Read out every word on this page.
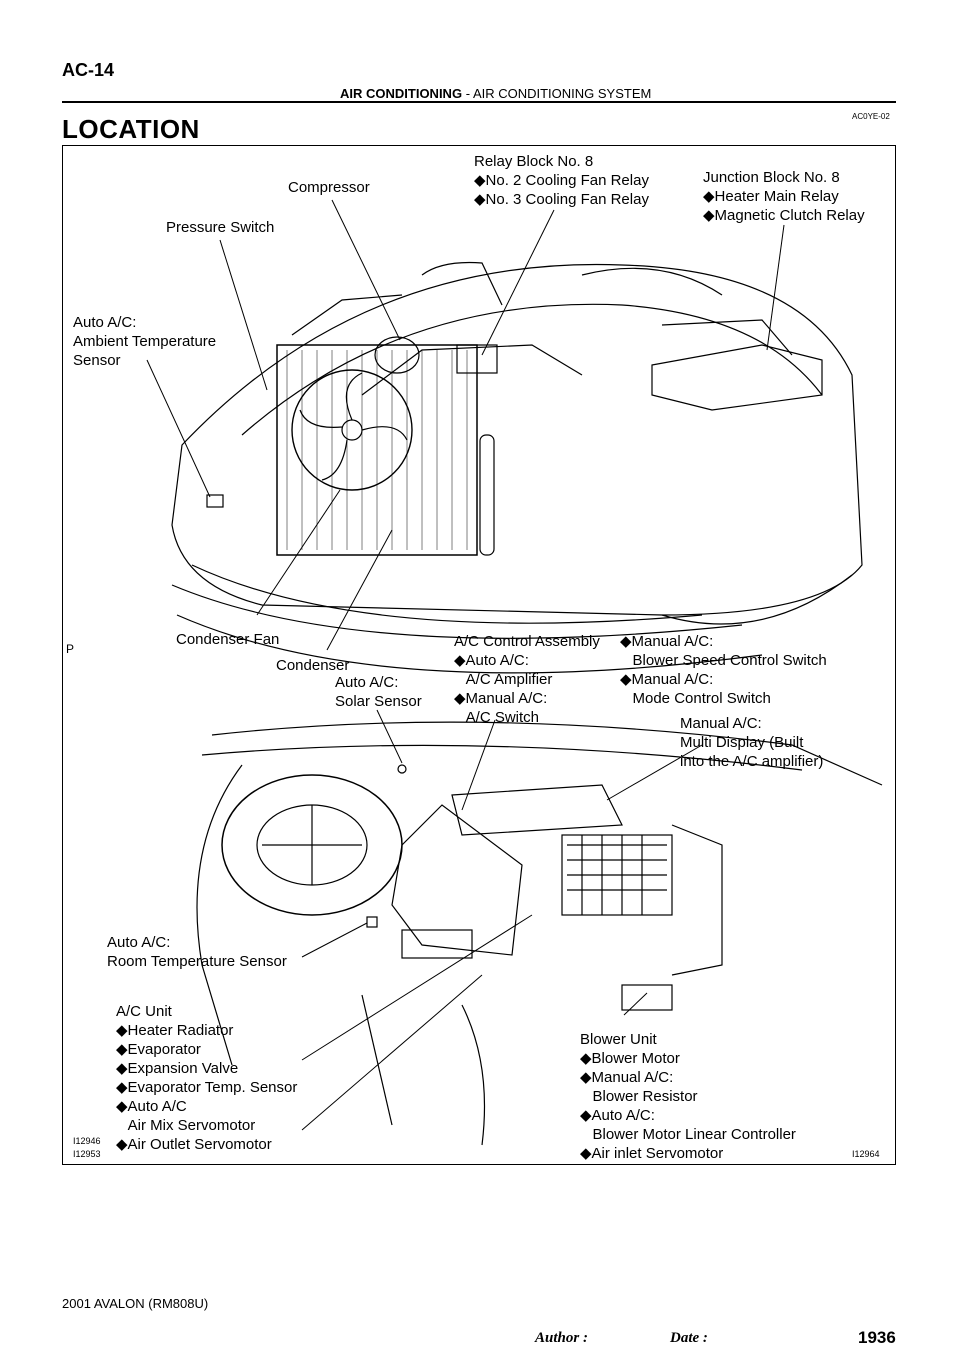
AC-14
AIR CONDITIONING - AIR CONDITIONING SYSTEM
AC0YE-02
LOCATION
Relay Block No. 8
◆No. 2 Cooling Fan Relay
◆No. 3 Cooling Fan Relay
Compressor
Junction Block No. 8
◆Heater Main Relay
◆Magnetic Clutch Relay
Pressure Switch
Auto A/C:
Ambient Temperature
Sensor
Condenser Fan
Condenser
Auto A/C:
Solar Sensor
A/C Control Assembly
◆Auto A/C:
A/C Amplifier
◆Manual A/C:
A/C Switch
◆Manual A/C:
Blower Speed Control Switch
◆Manual A/C:
Mode Control Switch
Manual A/C:
Multi Display (Built
into the A/C amplifier)
Auto A/C:
Room Temperature Sensor
A/C Unit
◆Heater Radiator
◆Evaporator
◆Expansion Valve
◆Evaporator Temp. Sensor
◆Auto A/C
Air Mix Servomotor
◆Air Outlet Servomotor
Blower Unit
◆Blower Motor
◆Manual A/C:
Blower Resistor
◆Auto A/C:
Blower Motor Linear Controller
◆Air inlet Servomotor
P
I12946
I12953	I12964
2001 AVALON (RM808U)
Author :	Date :	1936
